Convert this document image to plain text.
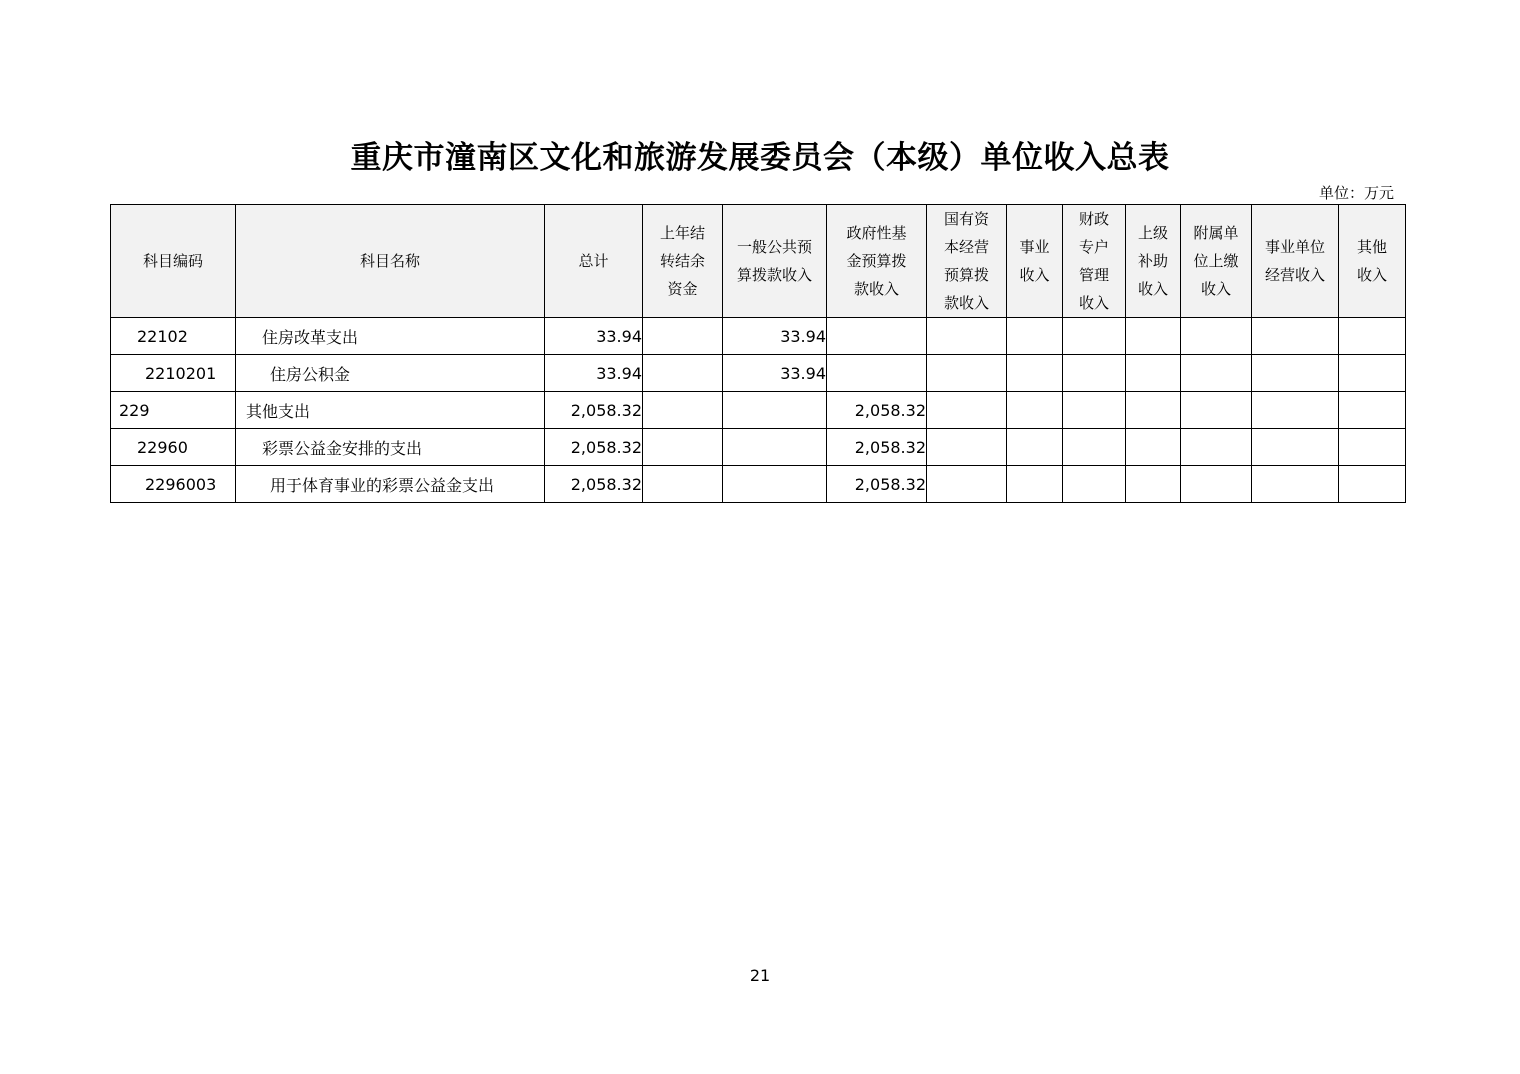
重庆市潼南区文化和旅游发展委员会（本级）单位收入总表
单位：万元
科目编码	科目名称	总计	上年结
转结余
资金	一般公共预
算拨款收入	政府性基
金预算拨
款收入	国有资
本经营
预算拨
款收入	事业
收入	财政
专户
管理
收入	上级
补助
收入	附属单
位上缴
收入	事业单位
经营收入	其他
收入
22102	住房改革支出	33.94		33.94								
2210201	住房公积金	33.94		33.94								
229	其他支出	2,058.32			2,058.32							
22960	彩票公益金安排的支出	2,058.32			2,058.32							
2296003	用于体育事业的彩票公益金支出	2,058.32			2,058.32							
21
